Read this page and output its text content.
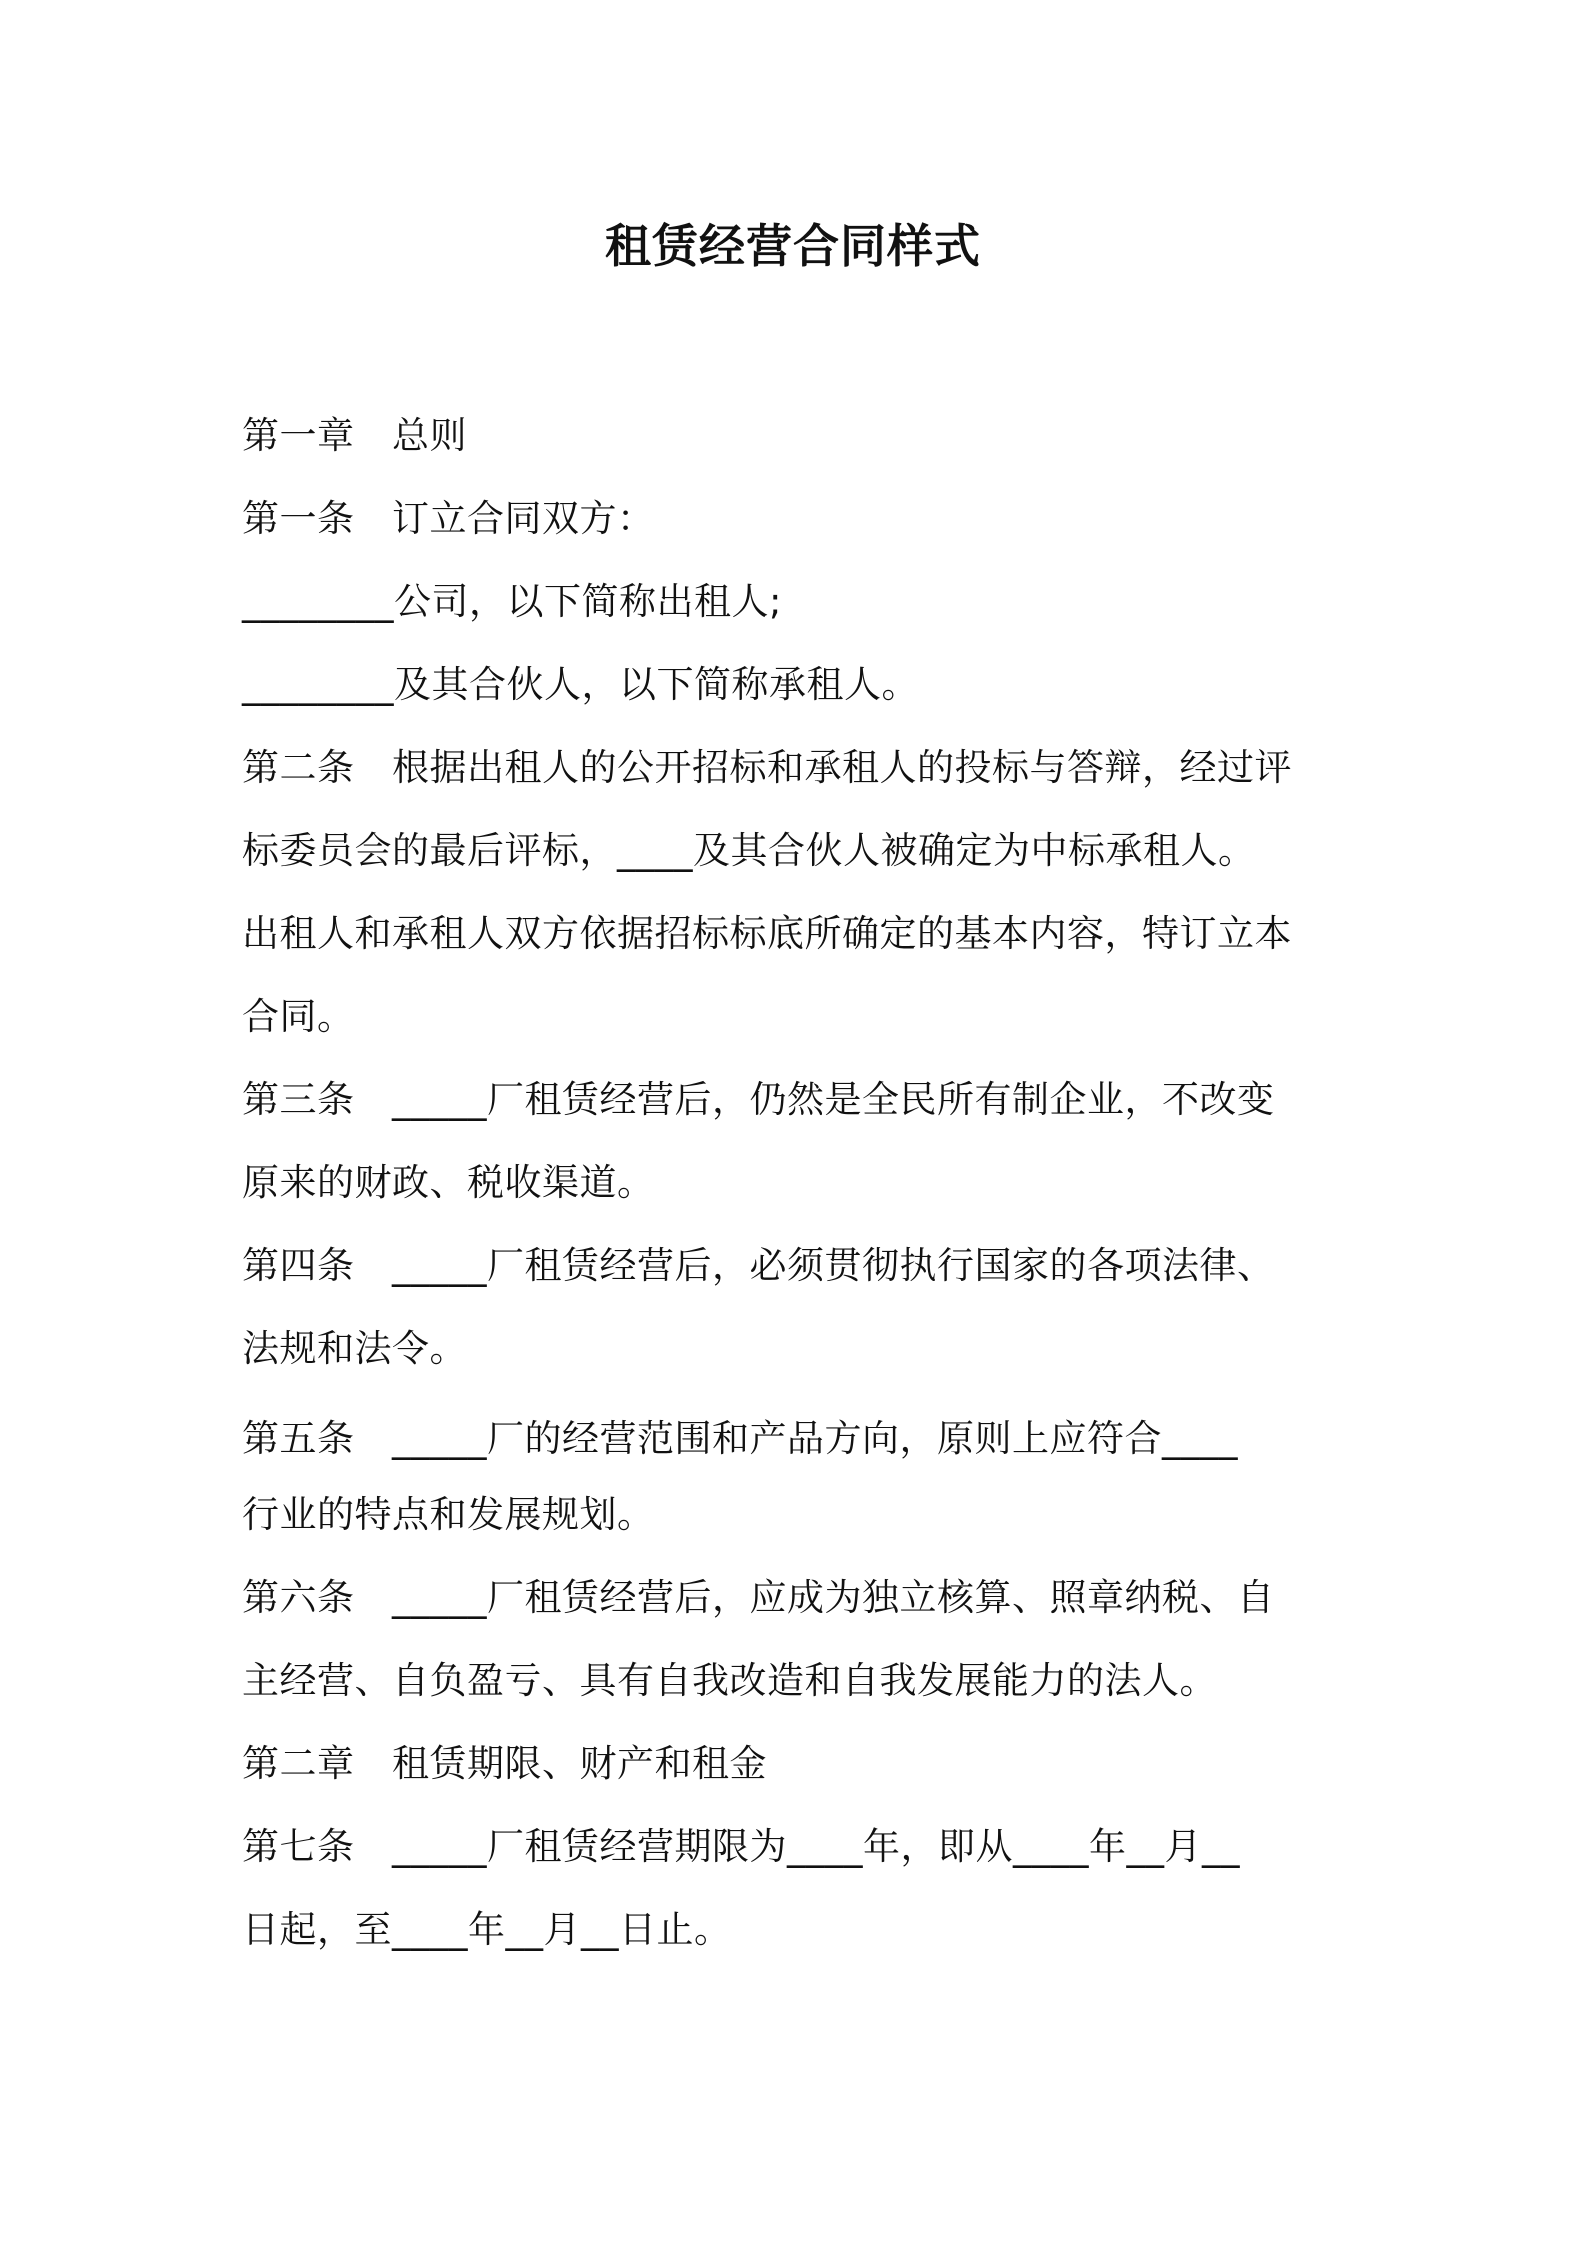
租赁经营合同样式
第一章　总则
第一条　订立合同双方：
________公司，以下简称出租人;
________及其合伙人，以下简称承租人。
第二条　根据出租人的公开招标和承租人的投标与答辩，经过评
标委员会的最后评标，____及其合伙人被确定为中标承租人。
出租人和承租人双方依据招标标底所确定的基本内容，特订立本
合同。
第三条　_____厂租赁经营后，仍然是全民所有制企业，不改变
原来的财政、税收渠道。
第四条　_____厂租赁经营后，必须贯彻执行国家的各项法律、
法规和法令。
第五条　_____厂的经营范围和产品方向，原则上应符合____
行业的特点和发展规划。
第六条　_____厂租赁经营后，应成为独立核算、照章纳税、自
主经营、自负盈亏、具有自我改造和自我发展能力的法人。
第二章　租赁期限、财产和租金
第七条　_____厂租赁经营期限为____年，即从____年__月__
日起，至____年__月__日止。
